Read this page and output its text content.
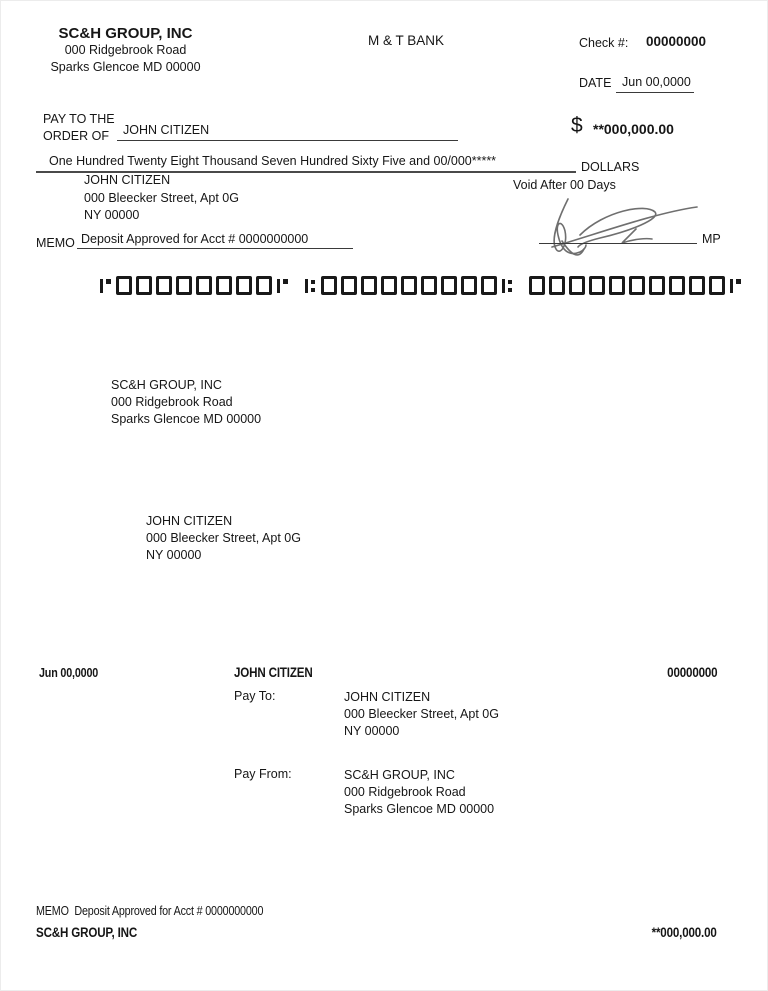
SC&H GROUP, INC
000 Ridgebrook Road
Sparks Glencoe MD 00000
M & T BANK	Check #: 00000000
DATE Jun 00,0000
PAY TO THE
ORDER OF JOHN CITIZEN	$ **000,000.00
One Hundred Twenty Eight Thousand Seven Hundred Sixty Five and 00/000*****	DOLLARS
JOHN CITIZEN
000 Bleecker Street, Apt 0G
NY 00000
Void After 00 Days
MEMO Deposit Approved for Acct # 0000000000	MP
SC&H GROUP, INC
000 Ridgebrook Road
Sparks Glencoe MD 00000
JOHN CITIZEN
000 Bleecker Street, Apt 0G
NY 00000
Jun 00,0000	JOHN CITIZEN	00000000
Pay To:	JOHN CITIZEN
000 Bleecker Street, Apt 0G
NY 00000
Pay From:	SC&H GROUP, INC
000 Ridgebrook Road
Sparks Glencoe MD 00000
MEMO Deposit Approved for Acct # 0000000000
SC&H GROUP, INC	**000,000.00
